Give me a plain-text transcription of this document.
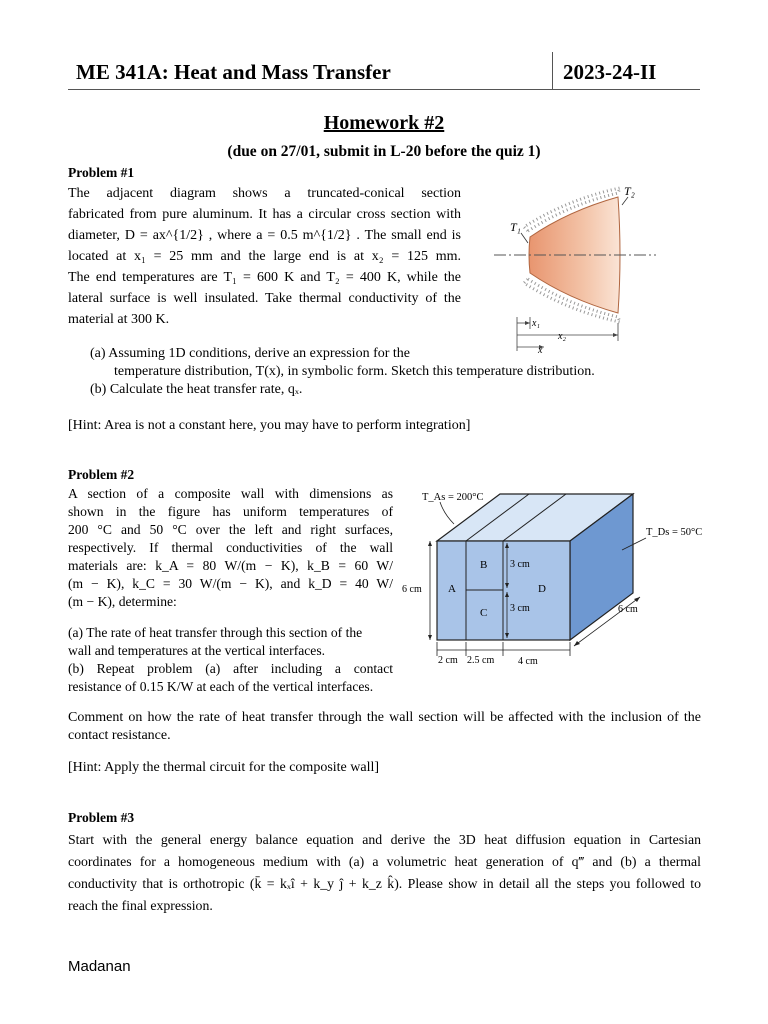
ME 341A: Heat and Mass Transfer	2023-24-II
Homework #2
(due on 27/01, submit in L-20 before the quiz 1)
Problem #1
The adjacent diagram shows a truncated-conical section
fabricated from pure aluminum. It has a circular cross section with
diameter, D = ax^{1/2} , where a = 0.5 m^{1/2} . The small end is
located at x₁ = 25 mm and the large end is at x₂ = 125 mm.
The end temperatures are T₁ = 600 K and T₂ = 400 K, while the
lateral surface is well insulated. Take thermal conductivity of the
material at 300 K.
T₁
T₂
x₁
x₂
x
(a) Assuming 1D conditions, derive an expression for the
temperature distribution, T(x), in symbolic form. Sketch this temperature distribution.
(b) Calculate the heat transfer rate, qₓ.
[Hint: Area is not a constant here, you may have to perform integration]
Problem #2
A section of a composite wall with dimensions as
shown in the figure has uniform temperatures of
200 °C and 50 °C over the left and right surfaces,
respectively. If thermal conductivities of the wall
materials are: k_A = 80 W/(m − K), k_B = 60 W/
(m − K), k_C = 30 W/(m − K), and k_D = 40 W/
(m − K), determine:
(a) The rate of heat transfer through this section of the
wall and temperatures at the vertical interfaces.
(b) Repeat problem (a) after including a contact
resistance of 0.15 K/W at each of the vertical interfaces.
A
B
C
D
3 cm
3 cm
6 cm
2 cm 2.5 cm 4 cm
6 cm
T_As = 200°C
T_Ds = 50°C
Comment on how the rate of heat transfer through the wall section will be affected with the inclusion of the contact resistance.
[Hint: Apply the thermal circuit for the composite wall]
Problem #3
Start with the general energy balance equation and derive the 3D heat diffusion equation in Cartesian
coordinates for a homogeneous medium with (a) a volumetric heat generation of q‴ and (b) a thermal
conductivity that is orthotropic (k̄ = kₓî + k_y ĵ + k_z k̂). Please show in detail all the steps you followed to
reach the final expression.
Madanan
